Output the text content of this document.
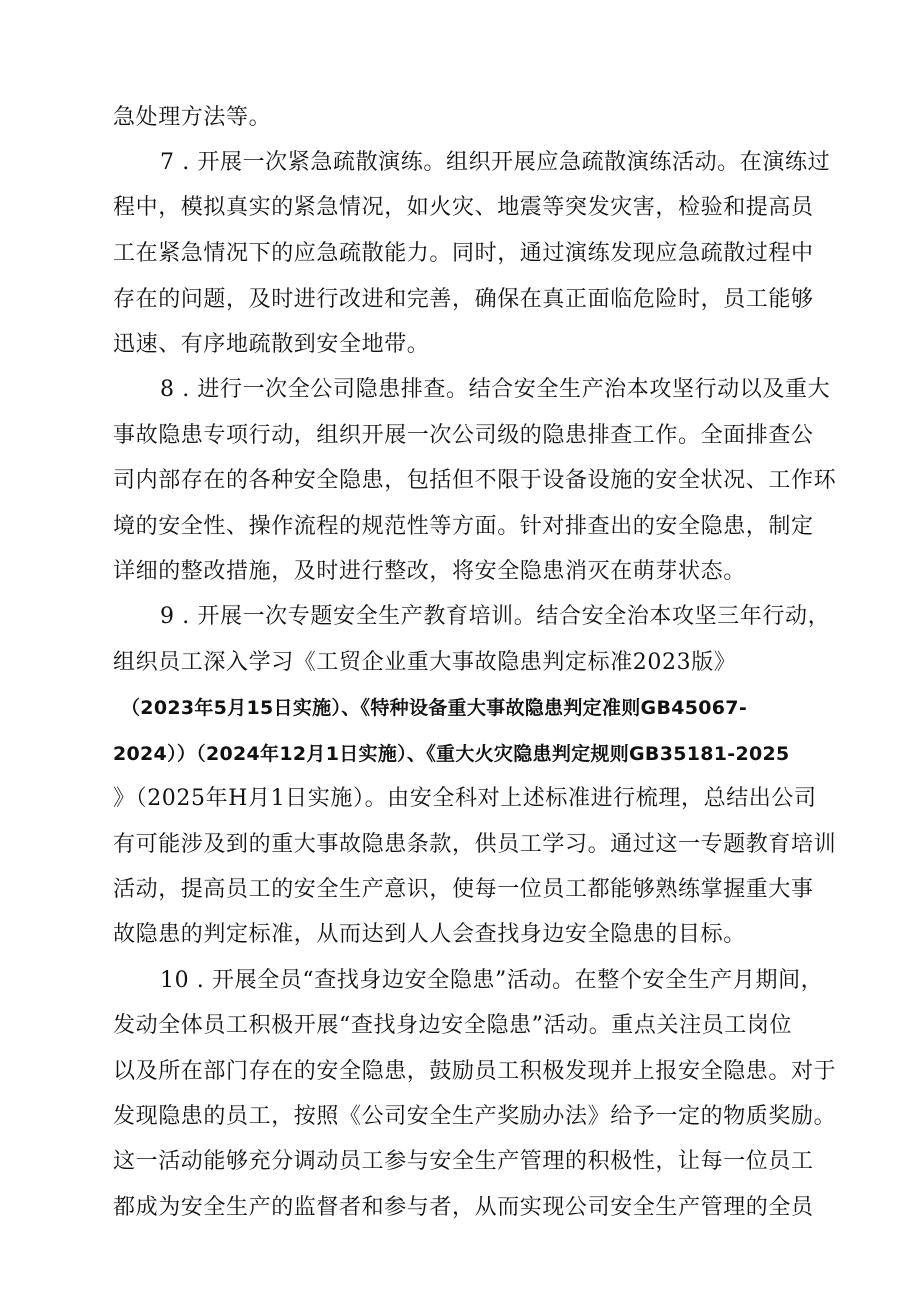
急处理方法等。
7 . 开展一次紧急疏散演练。组织开展应急疏散演练活动。在演练过
程中，模拟真实的紧急情况，如火灾、地震等突发灾害，检验和提高员
工在紧急情况下的应急疏散能力。同时，通过演练发现应急疏散过程中
存在的问题，及时进行改进和完善，确保在真正面临危险时，员工能够
迅速、有序地疏散到安全地带。
8 . 进行一次全公司隐患排查。结合安全生产治本攻坚行动以及重大
事故隐患专项行动，组织开展一次公司级的隐患排查工作。全面排查公
司内部存在的各种安全隐患，包括但不限于设备设施的安全状况、工作环
境的安全性、操作流程的规范性等方面。针对排查出的安全隐患，制定
详细的整改措施，及时进行整改，将安全隐患消灭在萌芽状态。
9 . 开展一次专题安全生产教育培训。结合安全治本攻坚三年行动，
组织员工深入学习《工贸企业重大事故隐患判定标准2023版》
（2023年5月15日实施）、《特种设备重大事故隐患判定准则GB45067-
2024））（2024年12月1日实施）、《重大火灾隐患判定规则GB35181-2025
》（2025年H月1日实施）。由安全科对上述标准进行梳理，总结出公司
有可能涉及到的重大事故隐患条款，供员工学习。通过这一专题教育培训
活动，提高员工的安全生产意识，使每一位员工都能够熟练掌握重大事
故隐患的判定标准，从而达到人人会查找身边安全隐患的目标。
10 . 开展全员“查找身边安全隐患”活动。在整个安全生产月期间，
发动全体员工积极开展“查找身边安全隐患”活动。重点关注员工岗位
以及所在部门存在的安全隐患，鼓励员工积极发现并上报安全隐患。对于
发现隐患的员工，按照《公司安全生产奖励办法》给予一定的物质奖励。
这一活动能够充分调动员工参与安全生产管理的积极性，让每一位员工
都成为安全生产的监督者和参与者，从而实现公司安全生产管理的全员
